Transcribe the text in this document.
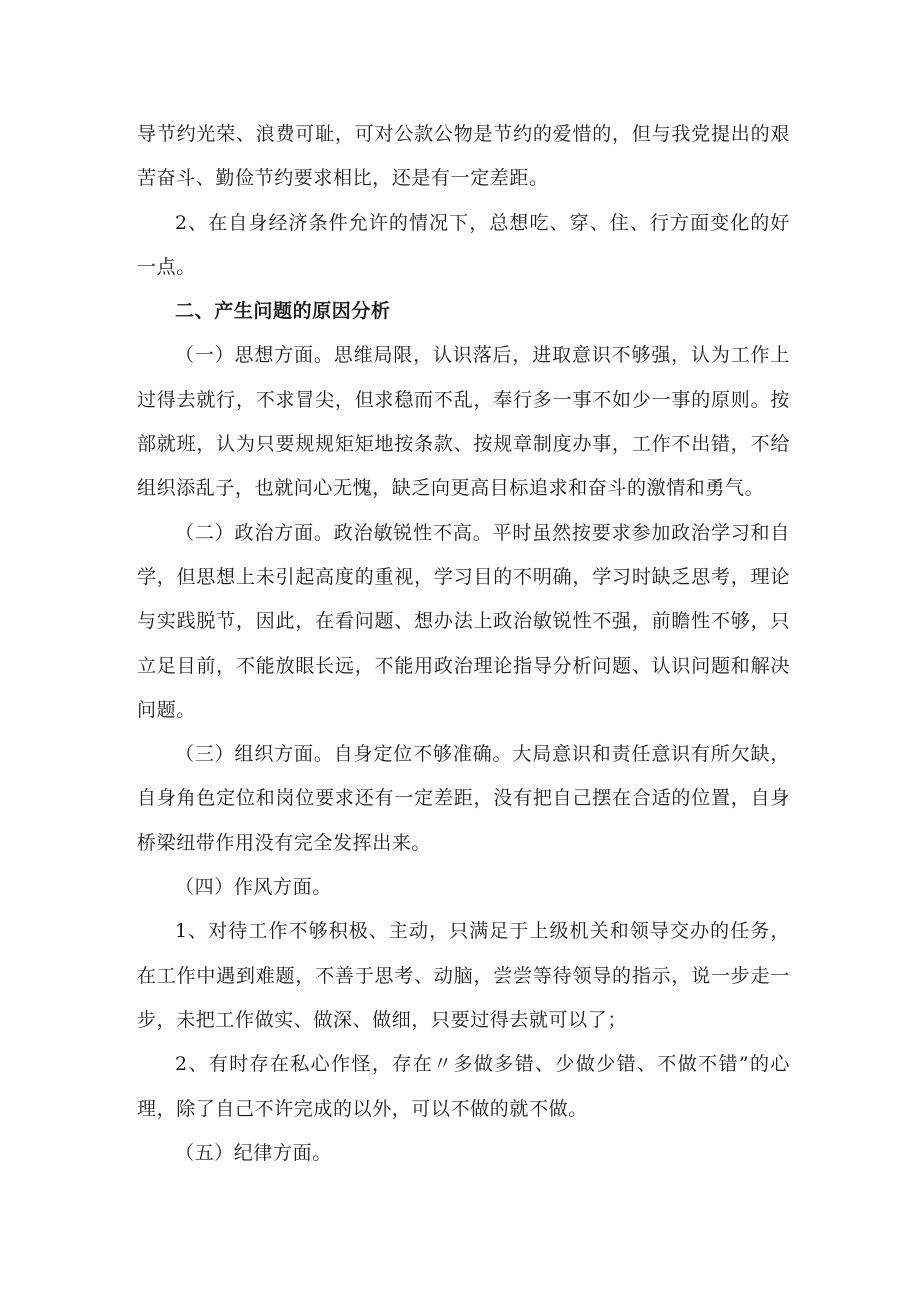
导节约光荣、浪费可耻，可对公款公物是节约的爱惜的，但与我党提出的艰苦奋斗、勤俭节约要求相比，还是有一定差距。

2、在自身经济条件允许的情况下，总想吃、穿、住、行方面变化的好一点。

二、产生问题的原因分析

（一）思想方面。思维局限，认识落后，进取意识不够强，认为工作上过得去就行，不求冒尖，但求稳而不乱，奉行多一事不如少一事的原则。按部就班，认为只要规规矩矩地按条款、按规章制度办事，工作不出错，不给组织添乱子，也就问心无愧，缺乏向更高目标追求和奋斗的激情和勇气。

（二）政治方面。政治敏锐性不高。平时虽然按要求参加政治学习和自学，但思想上未引起高度的重视，学习目的不明确，学习时缺乏思考，理论与实践脱节，因此，在看问题、想办法上政治敏锐性不强，前瞻性不够，只立足目前，不能放眼长远，不能用政治理论指导分析问题、认识问题和解决问题。

（三）组织方面。自身定位不够准确。大局意识和责任意识有所欠缺，自身角色定位和岗位要求还有一定差距，没有把自己摆在合适的位置，自身桥梁纽带作用没有完全发挥出来。

（四）作风方面。

1、对待工作不够积极、主动，只满足于上级机关和领导交办的任务，在工作中遇到难题，不善于思考、动脑，尝尝等待领导的指示，说一步走一步，未把工作做实、做深、做细，只要过得去就可以了；

2、有时存在私心作怪，存在〃多做多错、少做少错、不做不错”的心理，除了自己不许完成的以外，可以不做的就不做。

（五）纪律方面。
